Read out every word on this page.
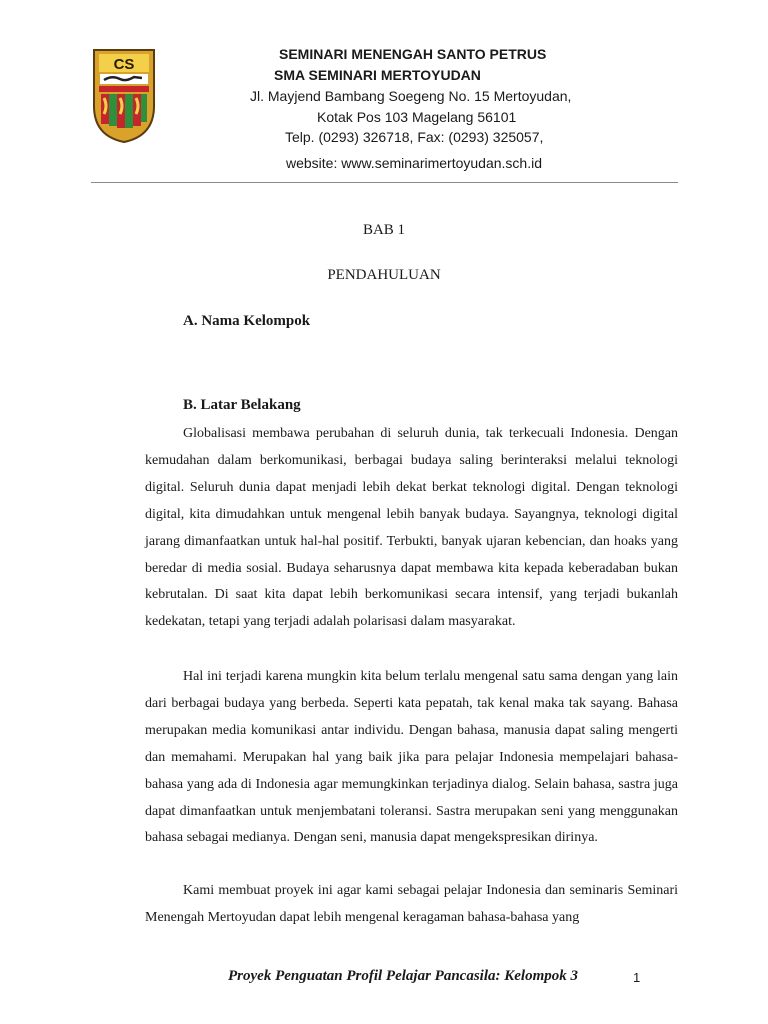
CS
SEMINARI MENENGAH SANTO PETRUS
SMA SEMINARI MERTOYUDAN
Jl. Mayjend Bambang Soegeng No. 15 Mertoyudan,
Kotak Pos 103 Magelang 56101
Telp. (0293) 326718, Fax: (0293) 325057,
website: www.seminarimertoyudan.sch.id
BAB 1
PENDAHULUAN
A. Nama Kelompok
B. Latar Belakang

Globalisasi membawa perubahan di seluruh dunia, tak terkecuali Indonesia. Dengan kemudahan dalam berkomunikasi, berbagai budaya saling berinteraksi melalui teknologi digital. Seluruh dunia dapat menjadi lebih dekat berkat teknologi digital. Dengan teknologi digital, kita dimudahkan untuk mengenal lebih banyak budaya. Sayangnya, teknologi digital jarang dimanfaatkan untuk hal-hal positif. Terbukti, banyak ujaran kebencian, dan hoaks yang beredar di media sosial. Budaya seharusnya dapat membawa kita kepada keberadaban bukan kebrutalan. Di saat kita dapat lebih berkomunikasi secara intensif, yang terjadi bukanlah kedekatan, tetapi yang terjadi adalah polarisasi dalam masyarakat.

Hal ini terjadi karena mungkin kita belum terlalu mengenal satu sama dengan yang lain dari berbagai budaya yang berbeda. Seperti kata pepatah, tak kenal maka tak sayang. Bahasa merupakan media komunikasi antar individu. Dengan bahasa, manusia dapat saling mengerti dan memahami. Merupakan hal yang baik jika para pelajar Indonesia mempelajari bahasa-bahasa yang ada di Indonesia agar memungkinkan terjadinya dialog. Selain bahasa, sastra juga dapat dimanfaatkan untuk menjembatani toleransi. Sastra merupakan seni yang menggunakan bahasa sebagai medianya. Dengan seni, manusia dapat mengekspresikan dirinya.

Kami membuat proyek ini agar kami sebagai pelajar Indonesia dan seminaris Seminari Menengah Mertoyudan dapat lebih mengenal keragaman bahasa-bahasa yang

Proyek Penguatan Profil Pelajar Pancasila: Kelompok 3	1
